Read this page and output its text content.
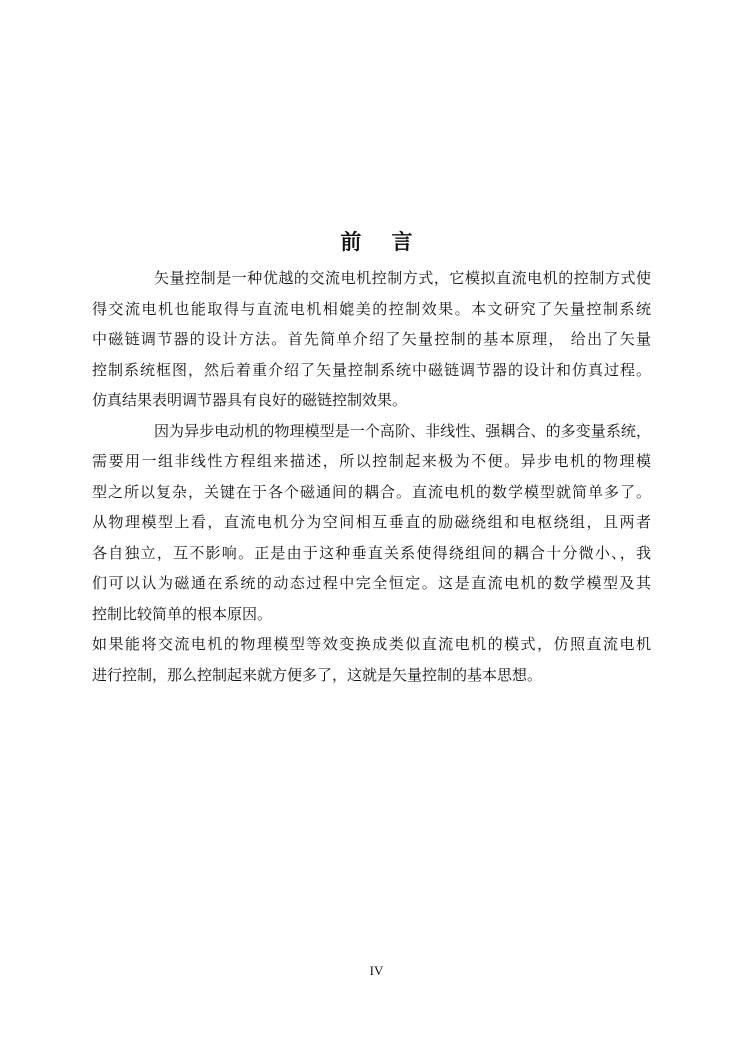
前 言
矢量控制是一种优越的交流电机控制方式，它模拟直流电机的控制方式使
得交流电机也能取得与直流电机相媲美的控制效果。本文研究了矢量控制系统
中磁链调节器的设计方法。首先简单介绍了矢量控制的基本原理， 给出了矢量
控制系统框图，然后着重介绍了矢量控制系统中磁链调节器的设计和仿真过程。
仿真结果表明调节器具有良好的磁链控制效果。
因为异步电动机的物理模型是一个高阶、非线性、强耦合、的多变量系统，
需要用一组非线性方程组来描述，所以控制起来极为不便。异步电机的物理模
型之所以复杂，关键在于各个磁通间的耦合。直流电机的数学模型就简单多了。
从物理模型上看，直流电机分为空间相互垂直的励磁绕组和电枢绕组，且两者
各自独立，互不影响。正是由于这种垂直关系使得绕组间的耦合十分微小、，我
们可以认为磁通在系统的动态过程中完全恒定。这是直流电机的数学模型及其
控制比较简单的根本原因。
如果能将交流电机的物理模型等效变换成类似直流电机的模式，仿照直流电机
进行控制，那么控制起来就方便多了，这就是矢量控制的基本思想。
IV
